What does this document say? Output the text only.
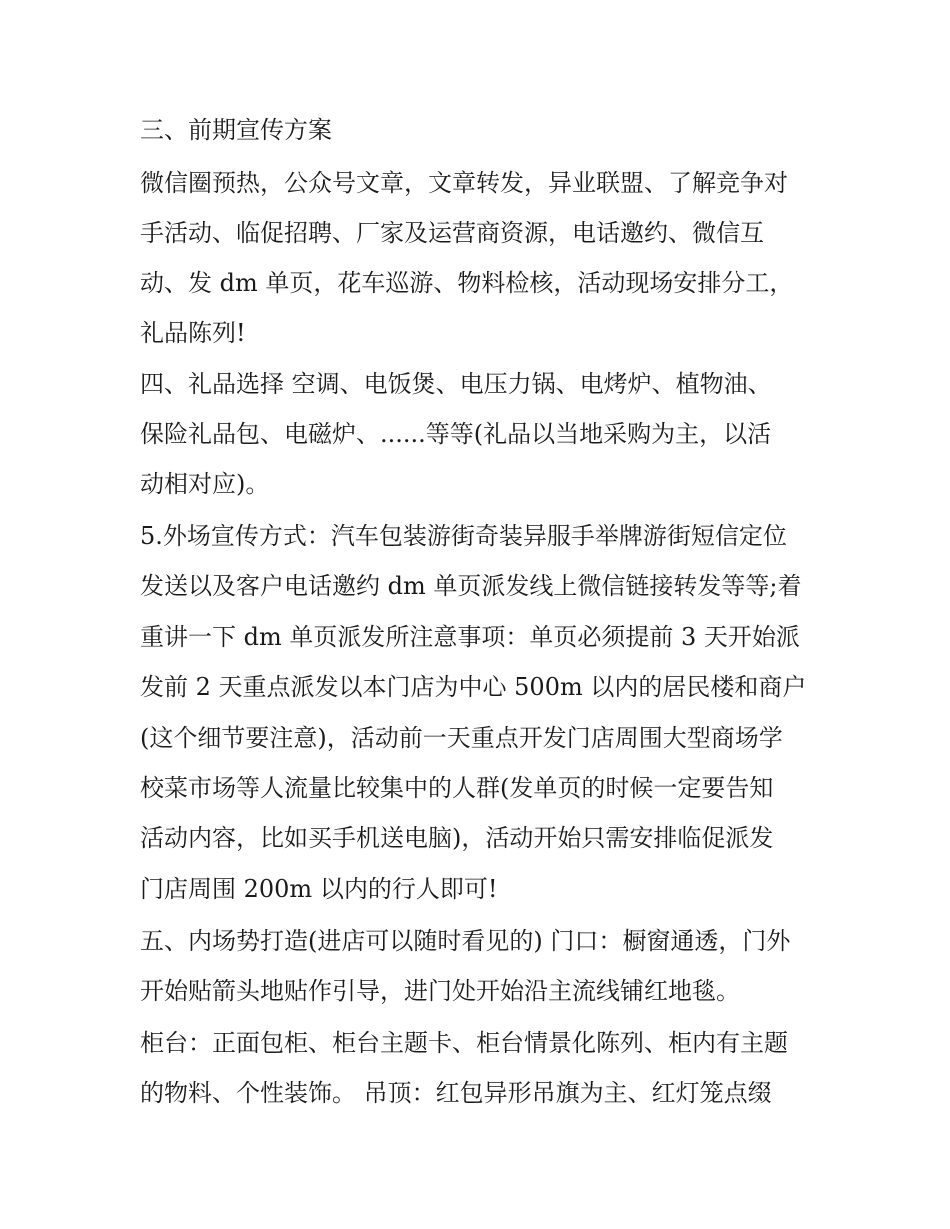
三、前期宣传方案
微信圈预热，公众号文章，文章转发，异业联盟、了解竞争对
手活动、临促招聘、厂家及运营商资源，电话邀约、微信互
动、发 dm 单页，花车巡游、物料检核，活动现场安排分工，
礼品陈列!
四、礼品选择 空调、电饭煲、电压力锅、电烤炉、植物油、
保险礼品包、电磁炉、......等等(礼品以当地采购为主，以活
动相对应)。
5.外场宣传方式：汽车包装游街奇装异服手举牌游街短信定位
发送以及客户电话邀约 dm 单页派发线上微信链接转发等等;着
重讲一下 dm 单页派发所注意事项：单页必须提前 3 天开始派
发前 2 天重点派发以本门店为中心 500m 以内的居民楼和商户
(这个细节要注意)，活动前一天重点开发门店周围大型商场学
校菜市场等人流量比较集中的人群(发单页的时候一定要告知
活动内容，比如买手机送电脑)，活动开始只需安排临促派发
门店周围 200m 以内的行人即可!
五、内场势打造(进店可以随时看见的) 门口：橱窗通透，门外
开始贴箭头地贴作引导，进门处开始沿主流线铺红地毯。
柜台：正面包柜、柜台主题卡、柜台情景化陈列、柜内有主题
的物料、个性装饰。 吊顶：红包异形吊旗为主、红灯笼点缀
